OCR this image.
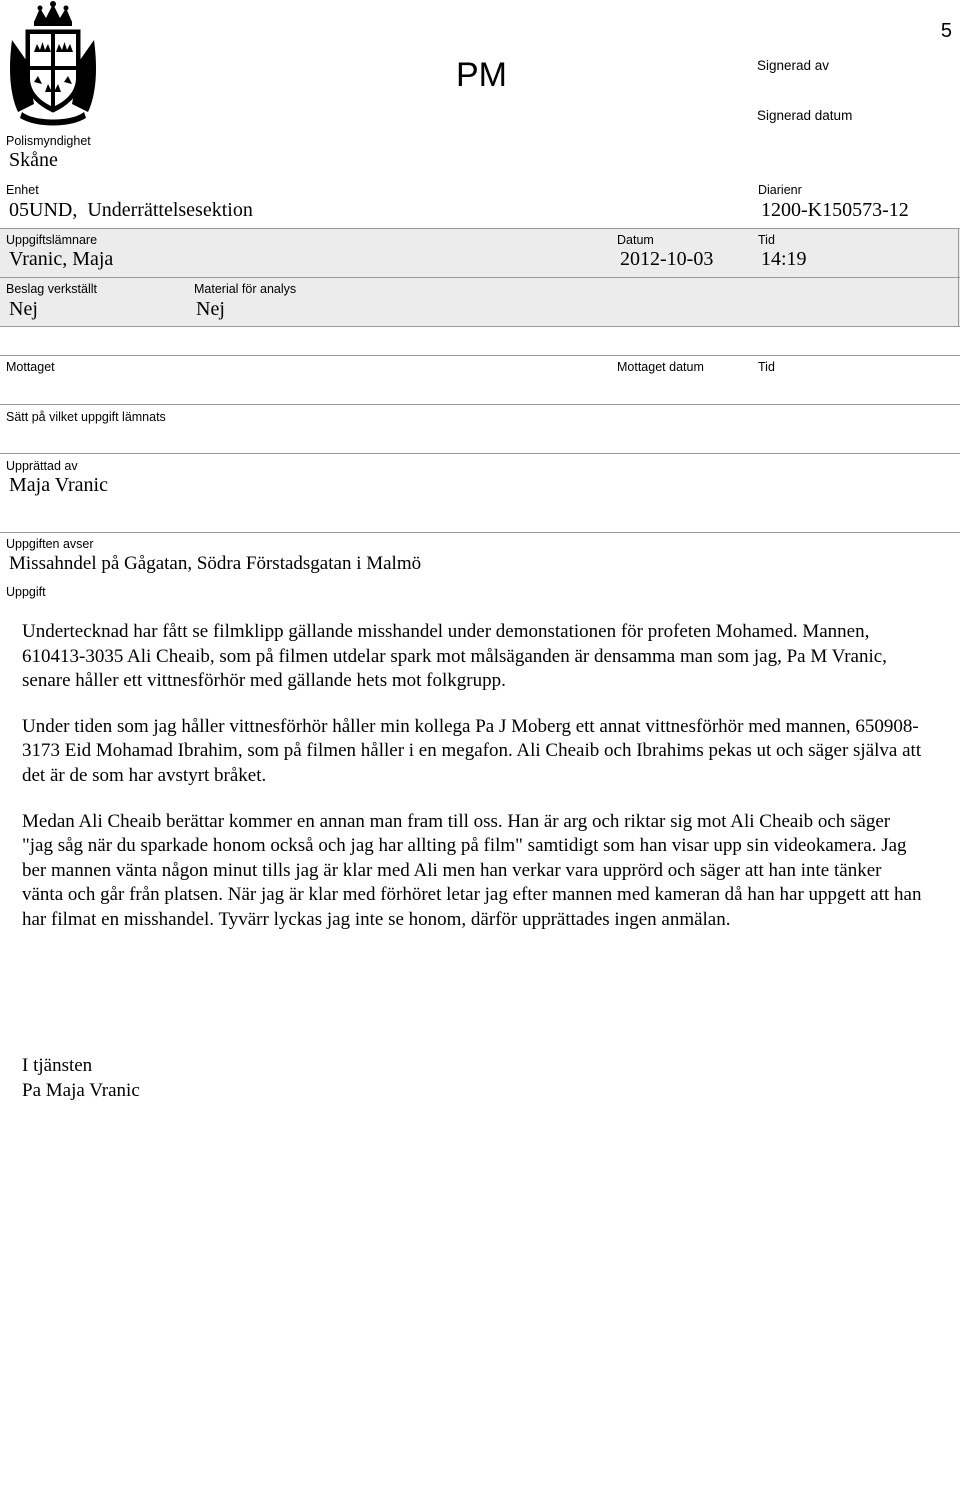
5
PM	Signerad av
Signerad datum
Polismyndighet
Skåne
Enhet
05UND,  Underrättelsesektion
Diarienr
1200-K150573-12
Uppgiftslämnare
Vranic, Maja
Datum
2012-10-03
Tid
14:19
Beslag verkställt
Nej
Material för analys
Nej
Mottaget	Mottaget datum	Tid
Sätt på vilket uppgift lämnats
Upprättad av
Maja Vranic
Uppgiften avser
Missahndel på Gågatan, Södra Förstadsgatan i Malmö
Uppgift

Undertecknad har fått se filmklipp gällande misshandel under demonstationen för profeten Mohamed. Mannen, 610413-3035 Ali Cheaib, som på filmen utdelar spark mot målsäganden är densamma man som jag, Pa M Vranic, senare håller ett vittnesförhör med gällande hets mot folkgrupp.

Under tiden som jag håller vittnesförhör håller min kollega Pa J Moberg ett annat vittnesförhör med mannen, 650908-3173 Eid Mohamad Ibrahim, som på filmen håller i en megafon. Ali Cheaib och Ibrahims pekas ut och säger själva att det är de som har avstyrt bråket.

Medan Ali Cheaib berättar kommer en annan man fram till oss. Han är arg och riktar sig mot Ali Cheaib och säger "jag såg när du sparkade honom också och jag har allting på film" samtidigt som han visar upp sin videokamera. Jag ber mannen vänta någon minut tills jag är klar med Ali men han verkar vara upprörd och säger att han inte tänker vänta och går från platsen. När jag är klar med förhöret letar jag efter mannen med kameran då han har uppgett att han har filmat en misshandel. Tyvärr lyckas jag inte se honom, därför upprättades ingen anmälan.

I tjänsten
Pa Maja Vranic
